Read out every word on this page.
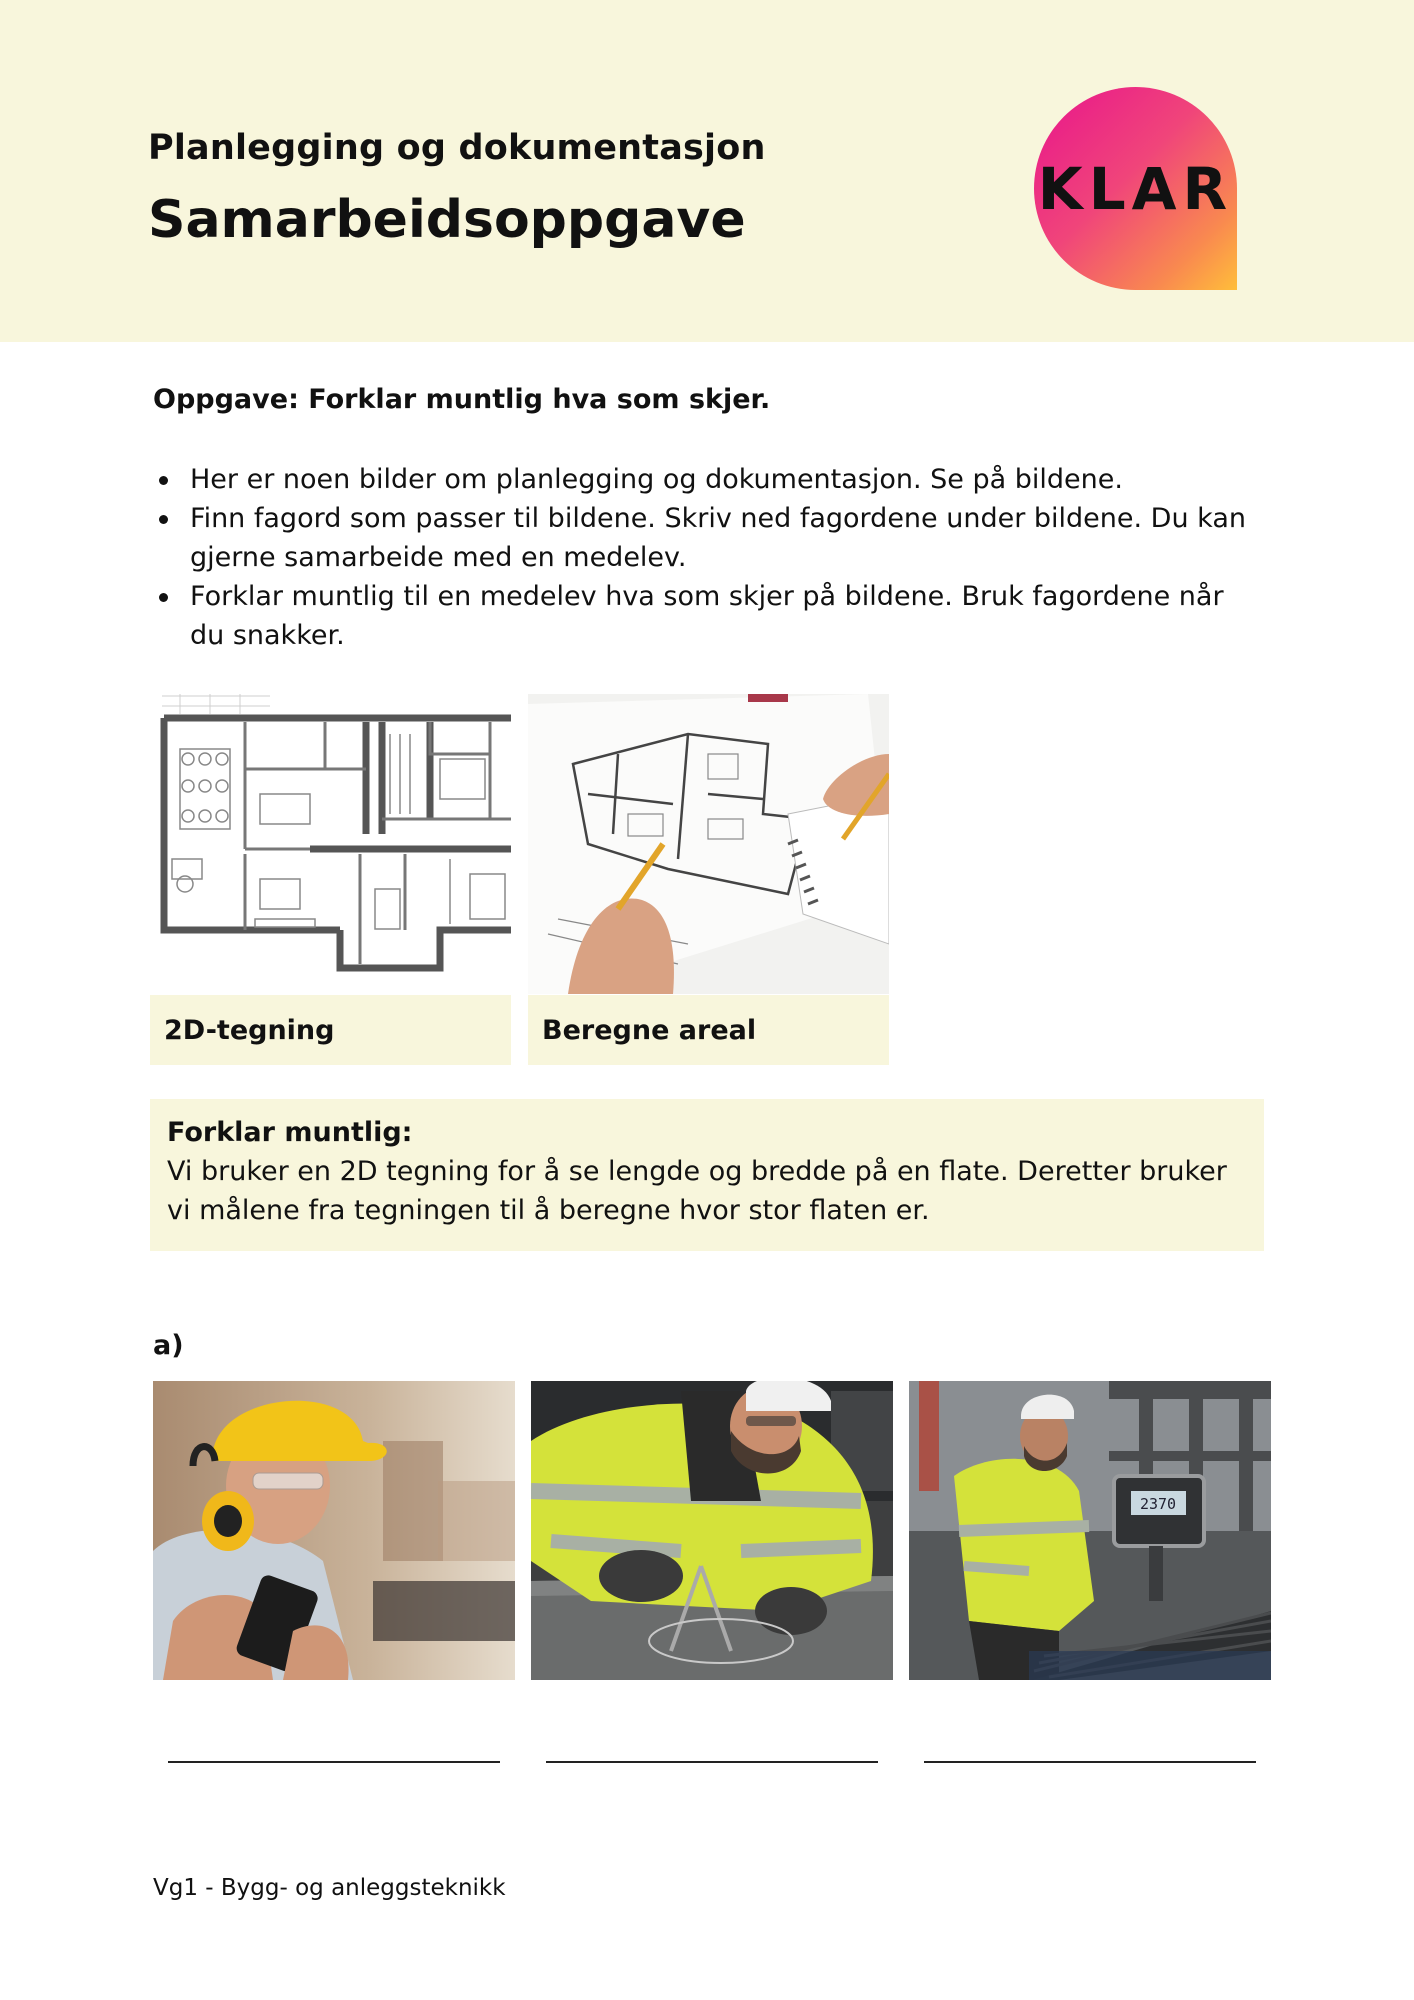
Planlegging og dokumentasjon
Samarbeidsoppgave	KLAR
Oppgave: Forklar muntlig hva som skjer.
Her er noen bilder om planlegging og dokumentasjon. Se på bildene.
Finn fagord som passer til bildene. Skriv ned fagordene under bildene. Du kan gjerne samarbeide med en medelev.
Forklar muntlig til en medelev hva som skjer på bildene. Bruk fagordene når du snakker.
2D-tegning	Beregne areal
Forklar muntlig:
Vi bruker en 2D tegning for å se lengde og bredde på en flate. Deretter bruker vi målene fra tegningen til å beregne hvor stor flaten er.
a)
2370
Vg1 - Bygg- og anleggsteknikk
